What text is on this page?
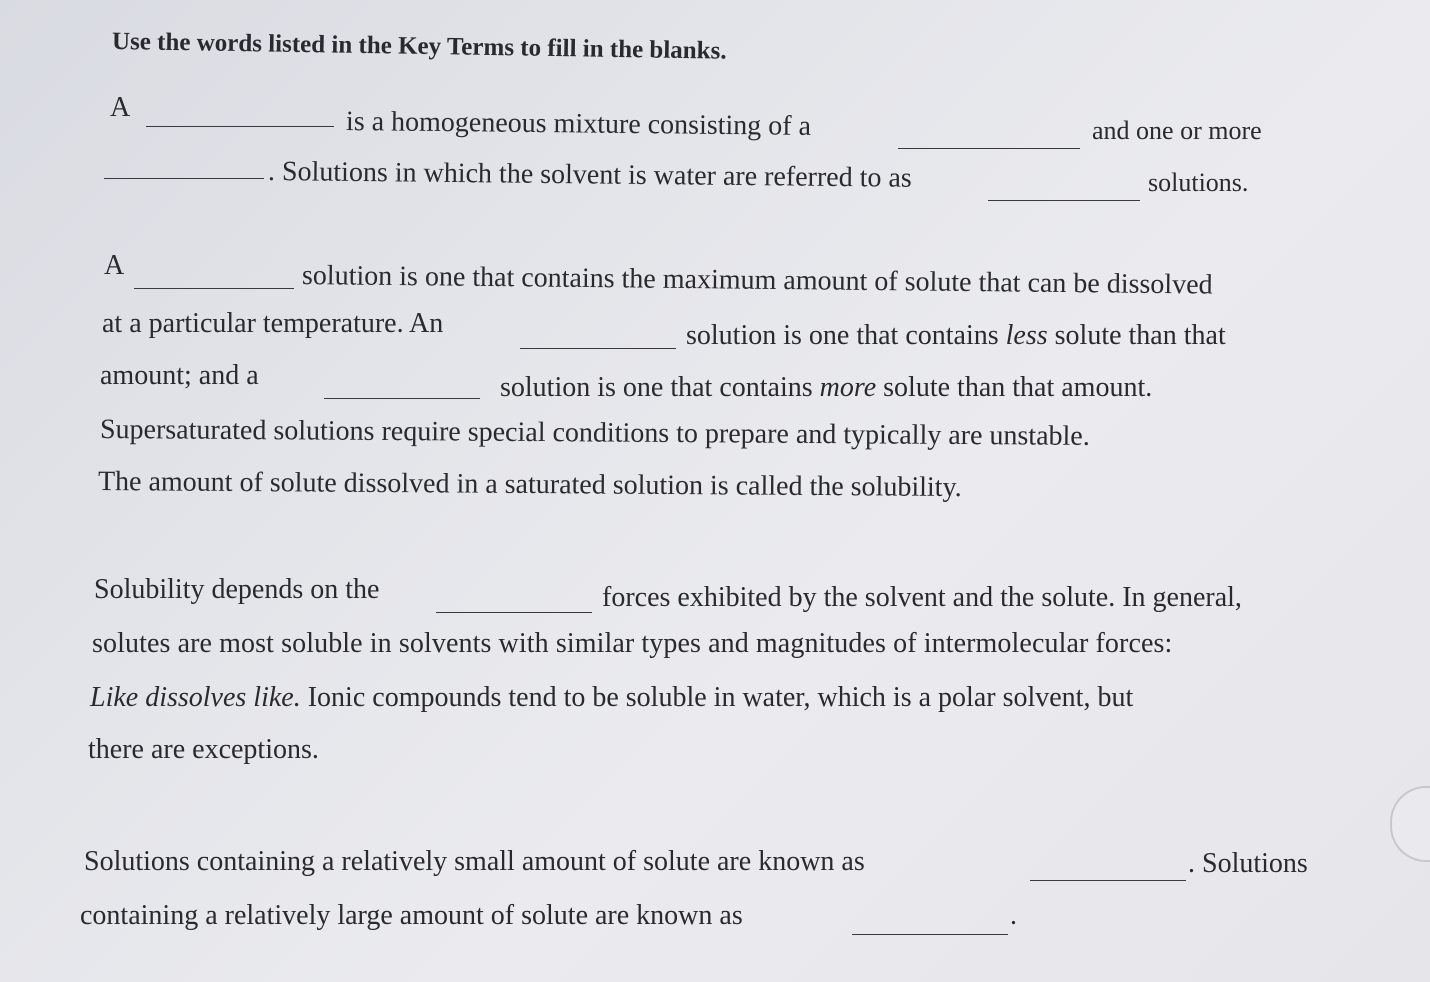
Use the words listed in the Key Terms to fill in the blanks.
A	is a homogeneous mixture consisting of a	and one or more
. Solutions in which the solvent is water are referred to as	solutions.
A	solution is one that contains the maximum amount of solute that can be dissolved
at a particular temperature. An	solution is one that contains less solute than that
amount; and a	solution is one that contains more solute than that amount.
Supersaturated solutions require special conditions to prepare and typically are unstable.
The amount of solute dissolved in a saturated solution is called the solubility.
Solubility depends on the	forces exhibited by the solvent and the solute. In general,
solutes are most soluble in solvents with similar types and magnitudes of intermolecular forces:
Like dissolves like. Ionic compounds tend to be soluble in water, which is a polar solvent, but
there are exceptions.
Solutions containing a relatively small amount of solute are known as	. Solutions
containing a relatively large amount of solute are known as	.
